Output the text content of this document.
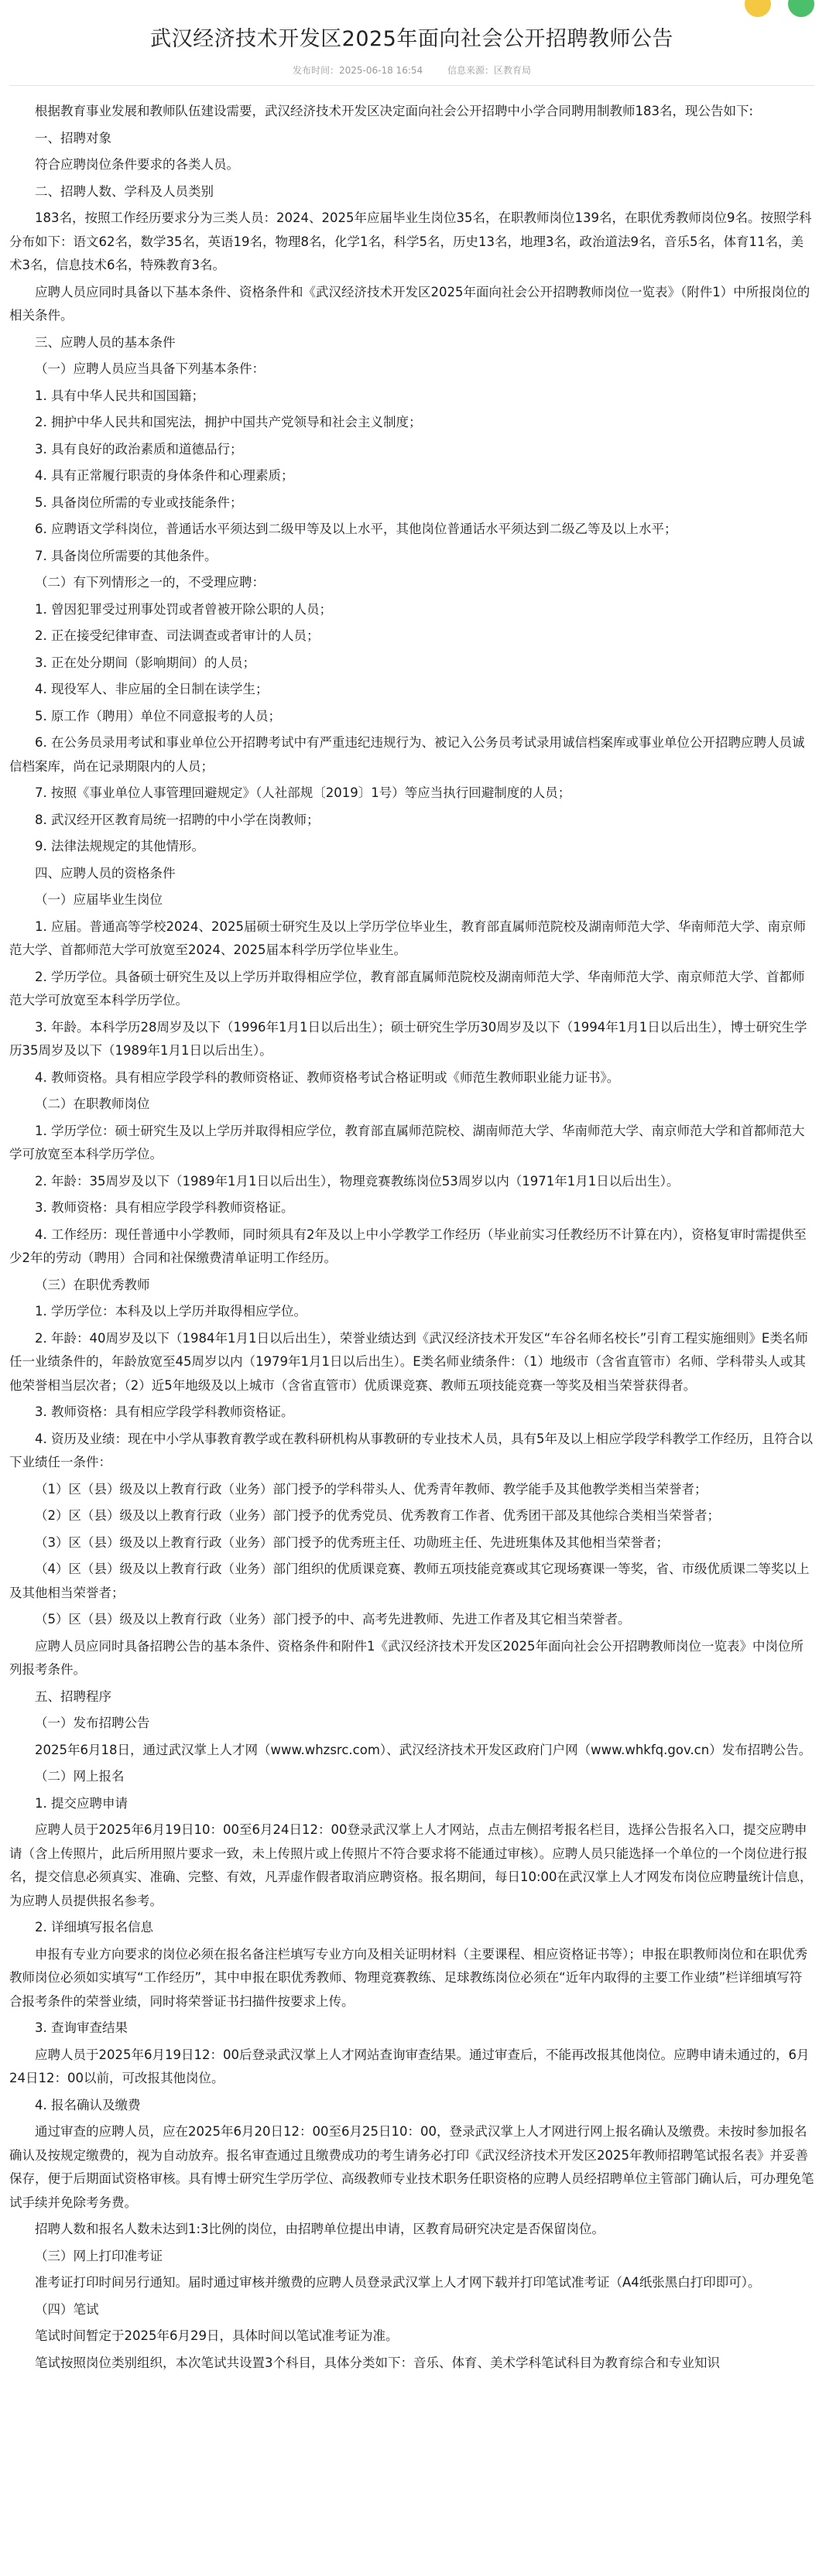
武汉经济技术开发区2025年面向社会公开招聘教师公告
发布时间：2025-06-18 16:54	信息来源：区教育局

根据教育事业发展和教师队伍建设需要，武汉经济技术开发区决定面向社会公开招聘中小学合同聘用制教师183名，现公告如下:

一、招聘对象

符合应聘岗位条件要求的各类人员。

二、招聘人数、学科及人员类别

183名，按照工作经历要求分为三类人员：2024、2025年应届毕业生岗位35名，在职教师岗位139名，在职优秀教师岗位9名。按照学科分布如下：语文62名，数学35名，英语19名，物理8名，化学1名，科学5名，历史13名，地理3名，政治道法9名，音乐5名，体育11名，美术3名，信息技术6名，特殊教育3名。

应聘人员应同时具备以下基本条件、资格条件和《武汉经济技术开发区2025年面向社会公开招聘教师岗位一览表》（附件1）中所报岗位的相关条件。

三、应聘人员的基本条件

（一）应聘人员应当具备下列基本条件：

1. 具有中华人民共和国国籍；

2. 拥护中华人民共和国宪法，拥护中国共产党领导和社会主义制度；

3. 具有良好的政治素质和道德品行；

4. 具有正常履行职责的身体条件和心理素质；

5. 具备岗位所需的专业或技能条件；

6. 应聘语文学科岗位，普通话水平须达到二级甲等及以上水平，其他岗位普通话水平须达到二级乙等及以上水平；

7. 具备岗位所需要的其他条件。

（二）有下列情形之一的，不受理应聘：

1. 曾因犯罪受过刑事处罚或者曾被开除公职的人员；

2. 正在接受纪律审查、司法调查或者审计的人员；

3. 正在处分期间（影响期间）的人员；

4. 现役军人、非应届的全日制在读学生；

5. 原工作（聘用）单位不同意报考的人员；

6. 在公务员录用考试和事业单位公开招聘考试中有严重违纪违规行为、被记入公务员考试录用诚信档案库或事业单位公开招聘应聘人员诚信档案库，尚在记录期限内的人员；

7. 按照《事业单位人事管理回避规定》（人社部规〔2019〕1号）等应当执行回避制度的人员；

8. 武汉经开区教育局统一招聘的中小学在岗教师；

9. 法律法规规定的其他情形。

四、应聘人员的资格条件

（一）应届毕业生岗位

1. 应届。普通高等学校2024、2025届硕士研究生及以上学历学位毕业生，教育部直属师范院校及湖南师范大学、华南师范大学、南京师范大学、首都师范大学可放宽至2024、2025届本科学历学位毕业生。

2. 学历学位。具备硕士研究生及以上学历并取得相应学位，教育部直属师范院校及湖南师范大学、华南师范大学、南京师范大学、首都师范大学可放宽至本科学历学位。

3. 年龄。本科学历28周岁及以下（1996年1月1日以后出生）；硕士研究生学历30周岁及以下（1994年1月1日以后出生），博士研究生学历35周岁及以下（1989年1月1日以后出生）。

4. 教师资格。具有相应学段学科的教师资格证、教师资格考试合格证明或《师范生教师职业能力证书》。

（二）在职教师岗位

1. 学历学位：硕士研究生及以上学历并取得相应学位，教育部直属师范院校、湖南师范大学、华南师范大学、南京师范大学和首都师范大学可放宽至本科学历学位。

2. 年龄：35周岁及以下（1989年1月1日以后出生），物理竞赛教练岗位53周岁以内（1971年1月1日以后出生）。

3. 教师资格：具有相应学段学科教师资格证。

4. 工作经历：现任普通中小学教师，同时须具有2年及以上中小学教学工作经历（毕业前实习任教经历不计算在内），资格复审时需提供至少2年的劳动（聘用）合同和社保缴费清单证明工作经历。

（三）在职优秀教师

1. 学历学位：本科及以上学历并取得相应学位。

2. 年龄：40周岁及以下（1984年1月1日以后出生），荣誉业绩达到《武汉经济技术开发区“车谷名师名校长”引育工程实施细则》E类名师任一业绩条件的，年龄放宽至45周岁以内（1979年1月1日以后出生）。E类名师业绩条件：（1）地级市（含省直管市）名师、学科带头人或其他荣誉相当层次者；（2）近5年地级及以上城市（含省直管市）优质课竞赛、教师五项技能竞赛一等奖及相当荣誉获得者。

3. 教师资格：具有相应学段学科教师资格证。

4. 资历及业绩：现在中小学从事教育教学或在教科研机构从事教研的专业技术人员，具有5年及以上相应学段学科教学工作经历，且符合以下业绩任一条件：

（1）区（县）级及以上教育行政（业务）部门授予的学科带头人、优秀青年教师、教学能手及其他教学类相当荣誉者；

（2）区（县）级及以上教育行政（业务）部门授予的优秀党员、优秀教育工作者、优秀团干部及其他综合类相当荣誉者；

（3）区（县）级及以上教育行政（业务）部门授予的优秀班主任、功勋班主任、先进班集体及其他相当荣誉者；

（4）区（县）级及以上教育行政（业务）部门组织的优质课竞赛、教师五项技能竞赛或其它现场赛课一等奖，省、市级优质课二等奖以上及其他相当荣誉者；

（5）区（县）级及以上教育行政（业务）部门授予的中、高考先进教师、先进工作者及其它相当荣誉者。

应聘人员应同时具备招聘公告的基本条件、资格条件和附件1《武汉经济技术开发区2025年面向社会公开招聘教师岗位一览表》中岗位所列报考条件。

五、招聘程序

（一）发布招聘公告

2025年6月18日，通过武汉掌上人才网（www.whzsrc.com）、武汉经济技术开发区政府门户网（www.whkfq.gov.cn）发布招聘公告。

（二）网上报名

1. 提交应聘申请

应聘人员于2025年6月19日10：00至6月24日12：00登录武汉掌上人才网站，点击左侧招考报名栏目，选择公告报名入口，提交应聘申请（含上传照片，此后所用照片要求一致，未上传照片或上传照片不符合要求将不能通过审核）。应聘人员只能选择一个单位的一个岗位进行报名，提交信息必须真实、准确、完整、有效，凡弄虚作假者取消应聘资格。报名期间，每日10:00在武汉掌上人才网发布岗位应聘量统计信息，为应聘人员提供报名参考。

2. 详细填写报名信息

申报有专业方向要求的岗位必须在报名备注栏填写专业方向及相关证明材料（主要课程、相应资格证书等）；申报在职教师岗位和在职优秀教师岗位必须如实填写“工作经历”，其中申报在职优秀教师、物理竞赛教练、足球教练岗位必须在“近年内取得的主要工作业绩”栏详细填写符合报考条件的荣誉业绩，同时将荣誉证书扫描件按要求上传。

3. 查询审查结果

应聘人员于2025年6月19日12：00后登录武汉掌上人才网站查询审查结果。通过审查后，不能再改报其他岗位。应聘申请未通过的，6月24日12：00以前，可改报其他岗位。

4. 报名确认及缴费

通过审查的应聘人员，应在2025年6月20日12：00至6月25日10：00，登录武汉掌上人才网进行网上报名确认及缴费。未按时参加报名确认及按规定缴费的，视为自动放弃。报名审查通过且缴费成功的考生请务必打印《武汉经济技术开发区2025年教师招聘笔试报名表》并妥善保存，便于后期面试资格审核。具有博士研究生学历学位、高级教师专业技术职务任职资格的应聘人员经招聘单位主管部门确认后，可办理免笔试手续并免除考务费。

招聘人数和报名人数未达到1:3比例的岗位，由招聘单位提出申请，区教育局研究决定是否保留岗位。

（三）网上打印准考证

准考证打印时间另行通知。届时通过审核并缴费的应聘人员登录武汉掌上人才网下载并打印笔试准考证（A4纸张黑白打印即可）。

（四）笔试

笔试时间暂定于2025年6月29日，具体时间以笔试准考证为准。

笔试按照岗位类别组织，本次笔试共设置3个科目，具体分类如下：音乐、体育、美术学科笔试科目为教育综合和专业知识
